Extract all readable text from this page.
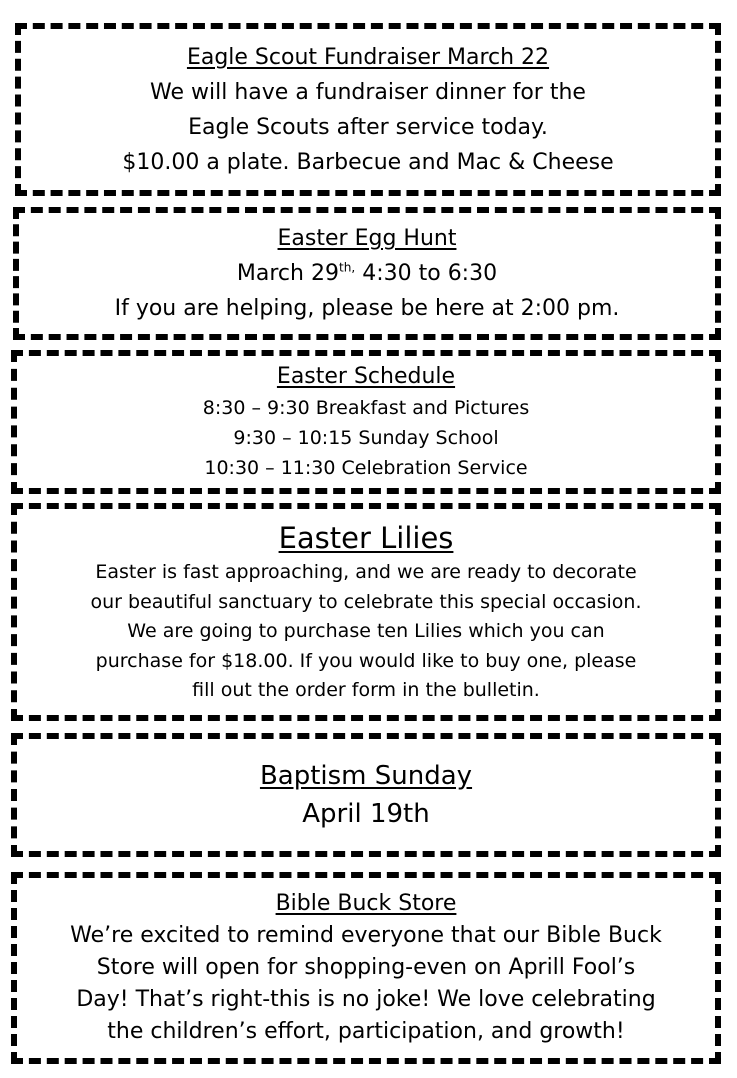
Eagle Scout Fundraiser March 22
We will have a fundraiser dinner for the
Eagle Scouts after service today.
$10.00 a plate. Barbecue and Mac & Cheese
Easter Egg Hunt
March $29^{th,}$ 4:30 to 6:30
If you are helping, please be here at 2:00 pm.
Easter Schedule
8:30 – 9:30 Breakfast and Pictures
9:30 – 10:15 Sunday School
10:30 – 11:30 Celebration Service
Easter Lilies
Easter is fast approaching, and we are ready to decorate
our beautiful sanctuary to celebrate this special occasion.
We are going to purchase ten Lilies which you can
purchase for $18.00. If you would like to buy one, please
fill out the order form in the bulletin.
Baptism Sunday
April 19th
Bible Buck Store
We’re excited to remind everyone that our Bible Buck
Store will open for shopping-even on Aprill Fool’s
Day! That’s right-this is no joke! We love celebrating
the children’s effort, participation, and growth!
